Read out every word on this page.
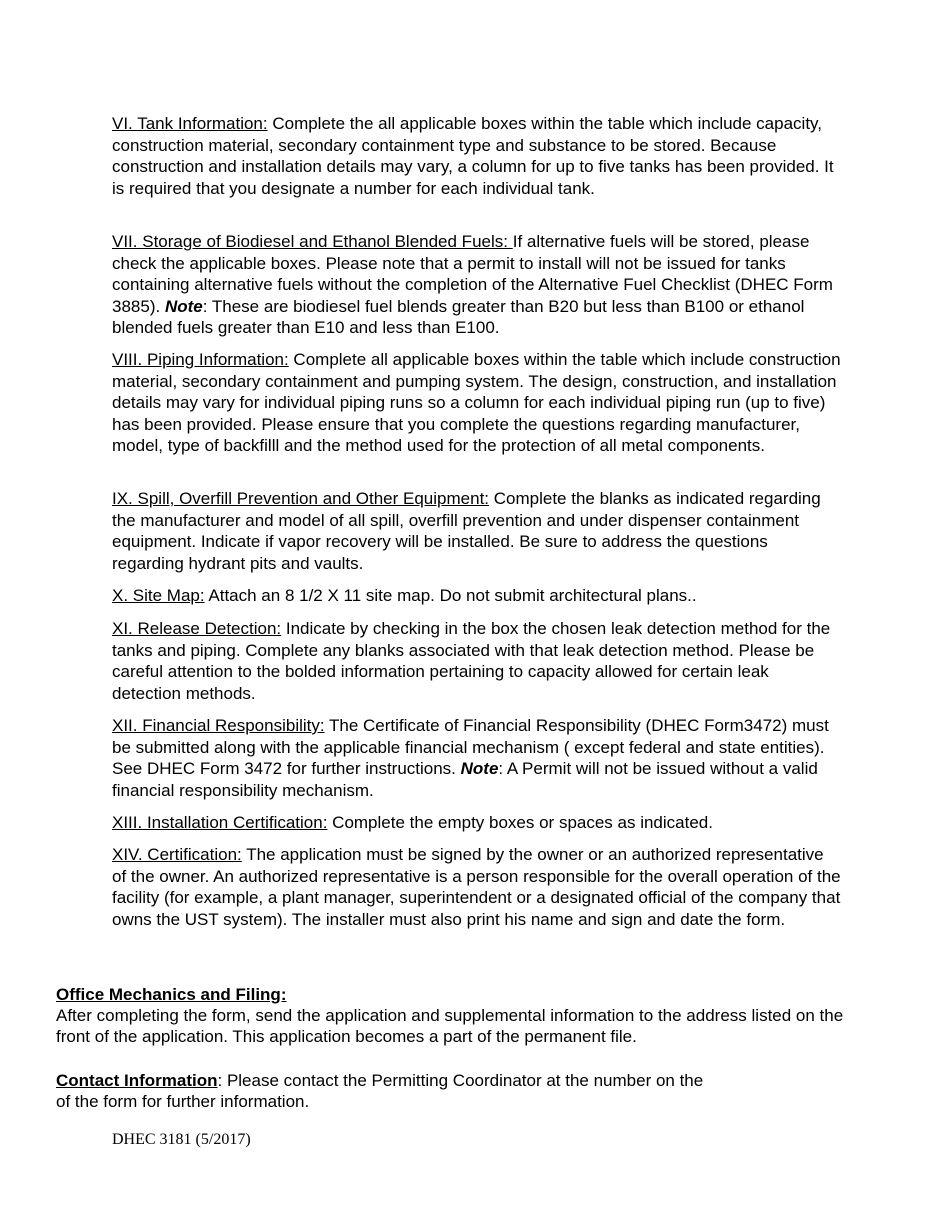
VI. Tank Information: Complete the all applicable boxes within the table which include capacity, construction material, secondary containment type and substance to be stored. Because construction and installation details may vary, a column for up to five tanks has been provided. It is required that you designate a number for each individual tank.

VII. Storage of Biodiesel and Ethanol Blended Fuels: If alternative fuels will be stored, please check the applicable boxes. Please note that a permit to install will not be issued for tanks containing alternative fuels without the completion of the Alternative Fuel Checklist (DHEC Form 3885). Note: These are biodiesel fuel blends greater than B20 but less than B100 or ethanol blended fuels greater than E10 and less than E100.

VIII. Piping Information: Complete all applicable boxes within the table which include construction material, secondary containment and pumping system. The design, construction, and installation details may vary for individual piping runs so a column for each individual piping run (up to five) has been provided. Please ensure that you complete the questions regarding manufacturer, model, type of backfilll and the method used for the protection of all metal components.

IX. Spill, Overfill Prevention and Other Equipment: Complete the blanks as indicated regarding the manufacturer and model of all spill, overfill prevention and under dispenser containment equipment. Indicate if vapor recovery will be installed. Be sure to address the questions regarding hydrant pits and vaults.

X. Site Map: Attach an 8 1/2 X 11 site map. Do not submit architectural plans..

XI. Release Detection: Indicate by checking in the box the chosen leak detection method for the tanks and piping. Complete any blanks associated with that leak detection method. Please be careful attention to the bolded information pertaining to capacity allowed for certain leak detection methods.

XII. Financial Responsibility: The Certificate of Financial Responsibility (DHEC Form3472) must be submitted along with the applicable financial mechanism ( except federal and state entities). See DHEC Form 3472 for further instructions. Note: A Permit will not be issued without a valid financial responsibility mechanism.

XIII. Installation Certification: Complete the empty boxes or spaces as indicated.

XIV. Certification: The application must be signed by the owner or an authorized representative of the owner. An authorized representative is a person responsible for the overall operation of the facility (for example, a plant manager, superintendent or a designated official of the company that owns the UST system). The installer must also print his name and sign and date the form.

Office Mechanics and Filing:

After completing the form, send the application and supplemental information to the address listed on the

front of the application. This application becomes a part of the permanent file.

Contact Information: Please contact the Permitting Coordinator at the number on the

of the form for further information.

DHEC 3181 (5/2017)
